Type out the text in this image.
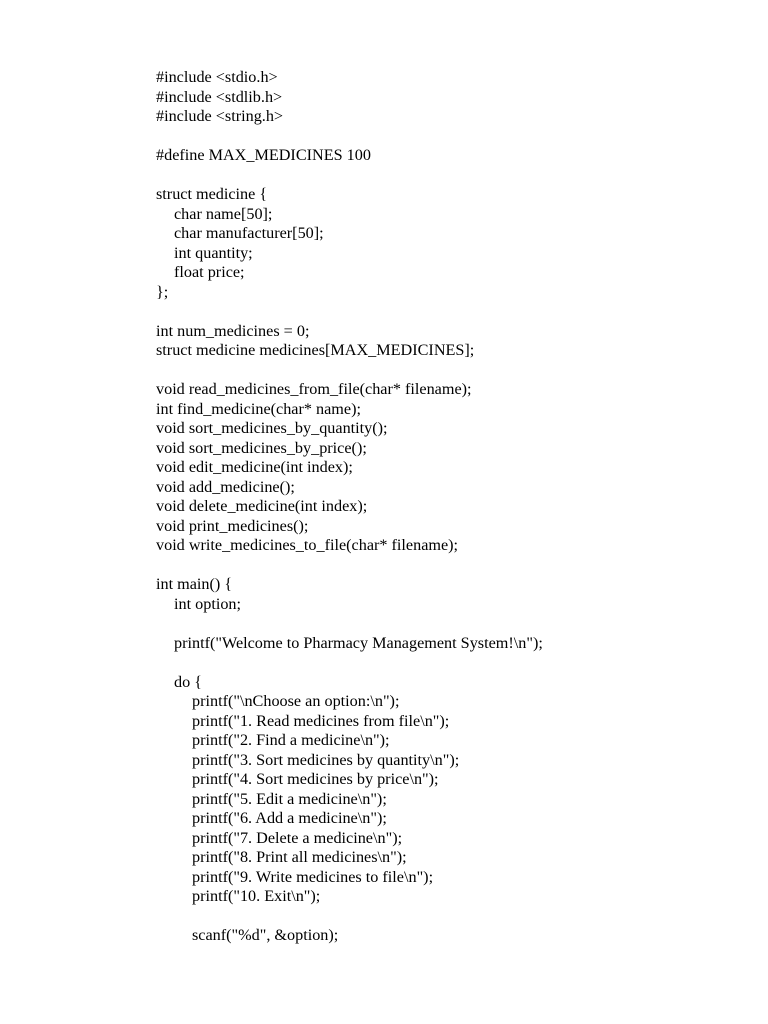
#include <stdio.h>
#include <stdlib.h>
#include <string.h>
#define MAX_MEDICINES 100
struct medicine {
char name[50];
char manufacturer[50];
int quantity;
float price;
};
int num_medicines = 0;
struct medicine medicines[MAX_MEDICINES];
void read_medicines_from_file(char* filename);
int find_medicine(char* name);
void sort_medicines_by_quantity();
void sort_medicines_by_price();
void edit_medicine(int index);
void add_medicine();
void delete_medicine(int index);
void print_medicines();
void write_medicines_to_file(char* filename);
int main() {
int option;
printf("Welcome to Pharmacy Management System!\n");
do {
printf("\nChoose an option:\n");
printf("1. Read medicines from file\n");
printf("2. Find a medicine\n");
printf("3. Sort medicines by quantity\n");
printf("4. Sort medicines by price\n");
printf("5. Edit a medicine\n");
printf("6. Add a medicine\n");
printf("7. Delete a medicine\n");
printf("8. Print all medicines\n");
printf("9. Write medicines to file\n");
printf("10. Exit\n");
scanf("%d", &option);
